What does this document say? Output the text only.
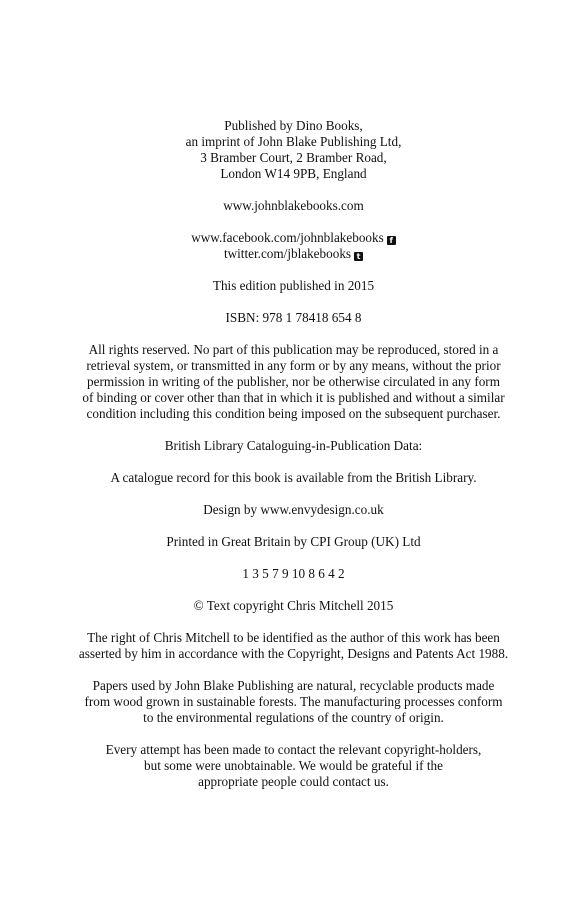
Published by Dino Books,
an imprint of John Blake Publishing Ltd,
3 Bramber Court, 2 Bramber Road,
London W14 9PB, England
www.johnblakebooks.com
www.facebook.com/johnblakebooks f
twitter.com/jblakebooks t
This edition published in 2015
ISBN: 978 1 78418 654 8
All rights reserved. No part of this publication may be reproduced, stored in a
retrieval system, or transmitted in any form or by any means, without the prior
permission in writing of the publisher, nor be otherwise circulated in any form
of binding or cover other than that in which it is published and without a similar
condition including this condition being imposed on the subsequent purchaser.
British Library Cataloguing-in-Publication Data:
A catalogue record for this book is available from the British Library.
Design by www.envydesign.co.uk
Printed in Great Britain by CPI Group (UK) Ltd
1 3 5 7 9 10 8 6 4 2
© Text copyright Chris Mitchell 2015
The right of Chris Mitchell to be identified as the author of this work has been
asserted by him in accordance with the Copyright, Designs and Patents Act 1988.
Papers used by John Blake Publishing are natural, recyclable products made
from wood grown in sustainable forests. The manufacturing processes conform
to the environmental regulations of the country of origin.
Every attempt has been made to contact the relevant copyright-holders,
but some were unobtainable. We would be grateful if the
appropriate people could contact us.
